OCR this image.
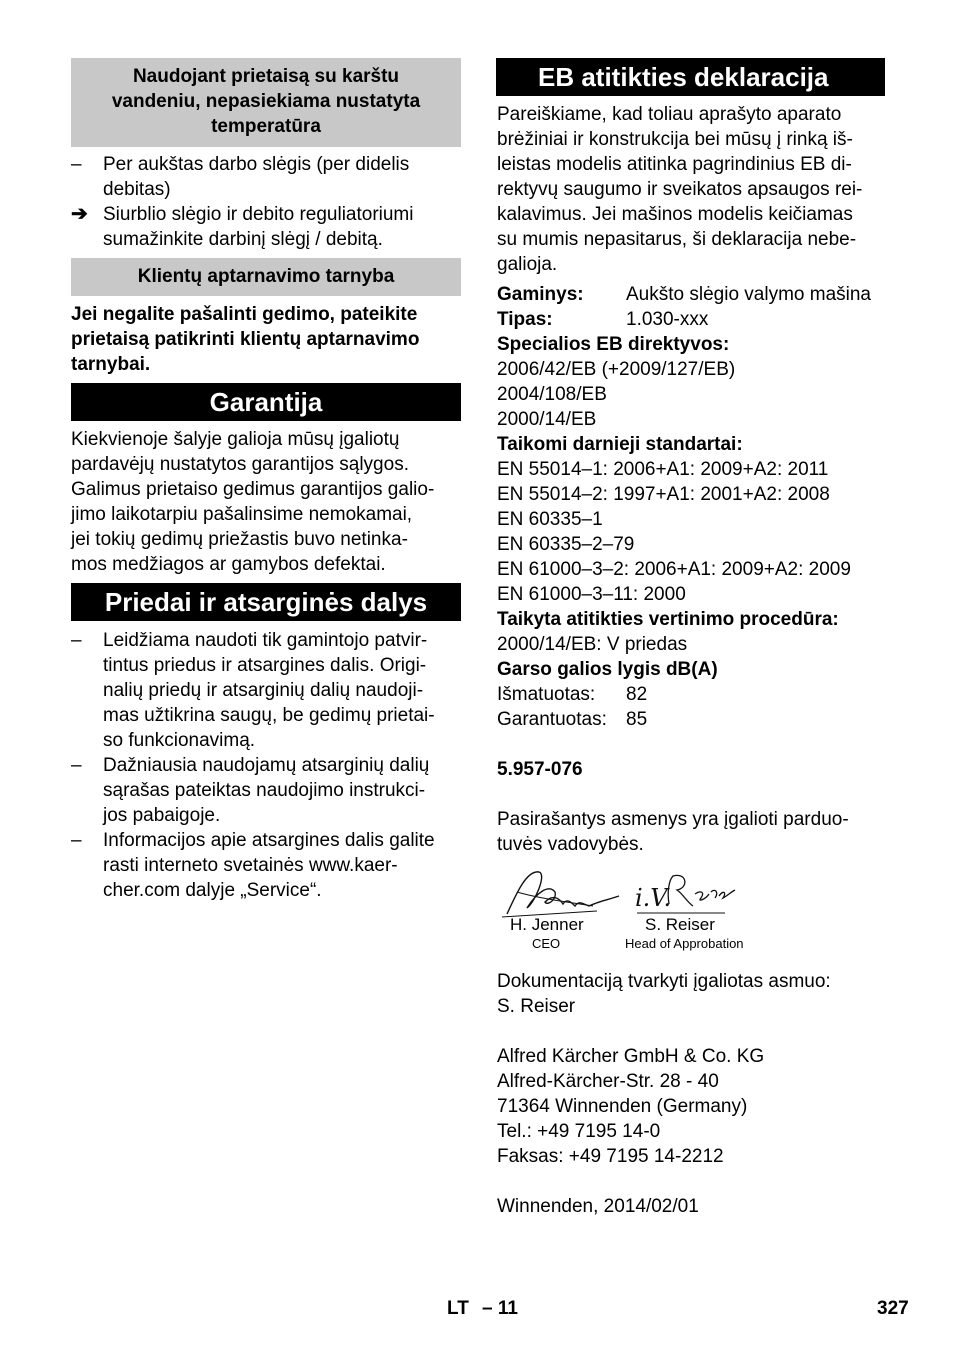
Naudojant prietaisą su karštu
vandeniu, nepasiekiama nustatyta
temperatūra
–	Per aukštas darbo slėgis (per didelis
debitas)
➔ Siurblio slėgio ir debito reguliatoriumi
sumažinkite darbinį slėgį / debitą.
Klientų aptarnavimo tarnyba
Jei negalite pašalinti gedimo, pateikite
prietaisą patikrinti klientų aptarnavimo
tarnybai.
Garantija
Kiekvienoje šalyje galioja mūsų įgaliotų
pardavėjų nustatytos garantijos sąlygos.
Galimus prietaiso gedimus garantijos galio-
jimo laikotarpiu pašalinsime nemokamai,
jei tokių gedimų priežastis buvo netinka-
mos medžiagos ar gamybos defektai.
Priedai ir atsarginės dalys
–	Leidžiama naudoti tik gamintojo patvir-
tintus priedus ir atsargines dalis. Origi-
nalių priedų ir atsarginių dalių naudoji-
mas užtikrina saugų, be gedimų prietai-
so funkcionavimą.
–	Dažniausia naudojamų atsarginių dalių
sąrašas pateiktas naudojimo instrukci-
jos pabaigoje.
–	Informacijos apie atsargines dalis galite
rasti interneto svetainės www.kaer-
cher.com dalyje „Service“.
EB atitikties deklaracija
Pareiškiame, kad toliau aprašyto aparato
brėžiniai ir konstrukcija bei mūsų į rinką iš-
leistas modelis atitinka pagrindinius EB di-
rektyvų saugumo ir sveikatos apsaugos rei-
kalavimus. Jei mašinos modelis keičiamas
su mumis nepasitarus, ši deklaracija nebe-
galioja.
Gaminys: Aukšto slėgio valymo mašina
Tipas:	1.030-xxx
Specialios EB direktyvos:
2006/42/EB (+2009/127/EB)
2004/108/EB
2000/14/EB
Taikomi darnieji standartai:
EN 55014–1: 2006+A1: 2009+A2: 2011
EN 55014–2: 1997+A1: 2001+A2: 2008
EN 60335–1
EN 60335–2–79
EN 61000–3–2: 2006+A1: 2009+A2: 2009
EN 61000–3–11: 2000
Taikyta atitikties vertinimo procedūra:
2000/14/EB: V priedas
Garso galios lygis dB(A)
Išmatuotas: 82
Garantuotas: 85
5.957-076
Pasirašantys asmenys yra įgalioti parduo-
tuvės vadovybės.
i.V.
H. Jenner
CEO
S. Reiser
Head of Approbation
Dokumentaciją tvarkyti įgaliotas asmuo:
S. Reiser
Alfred Kärcher GmbH & Co. KG
Alfred-Kärcher-Str. 28 - 40
71364 Winnenden (Germany)
Tel.: +49 7195 14-0
Faksas: +49 7195 14-2212
Winnenden, 2014/02/01
LT – 11	327
